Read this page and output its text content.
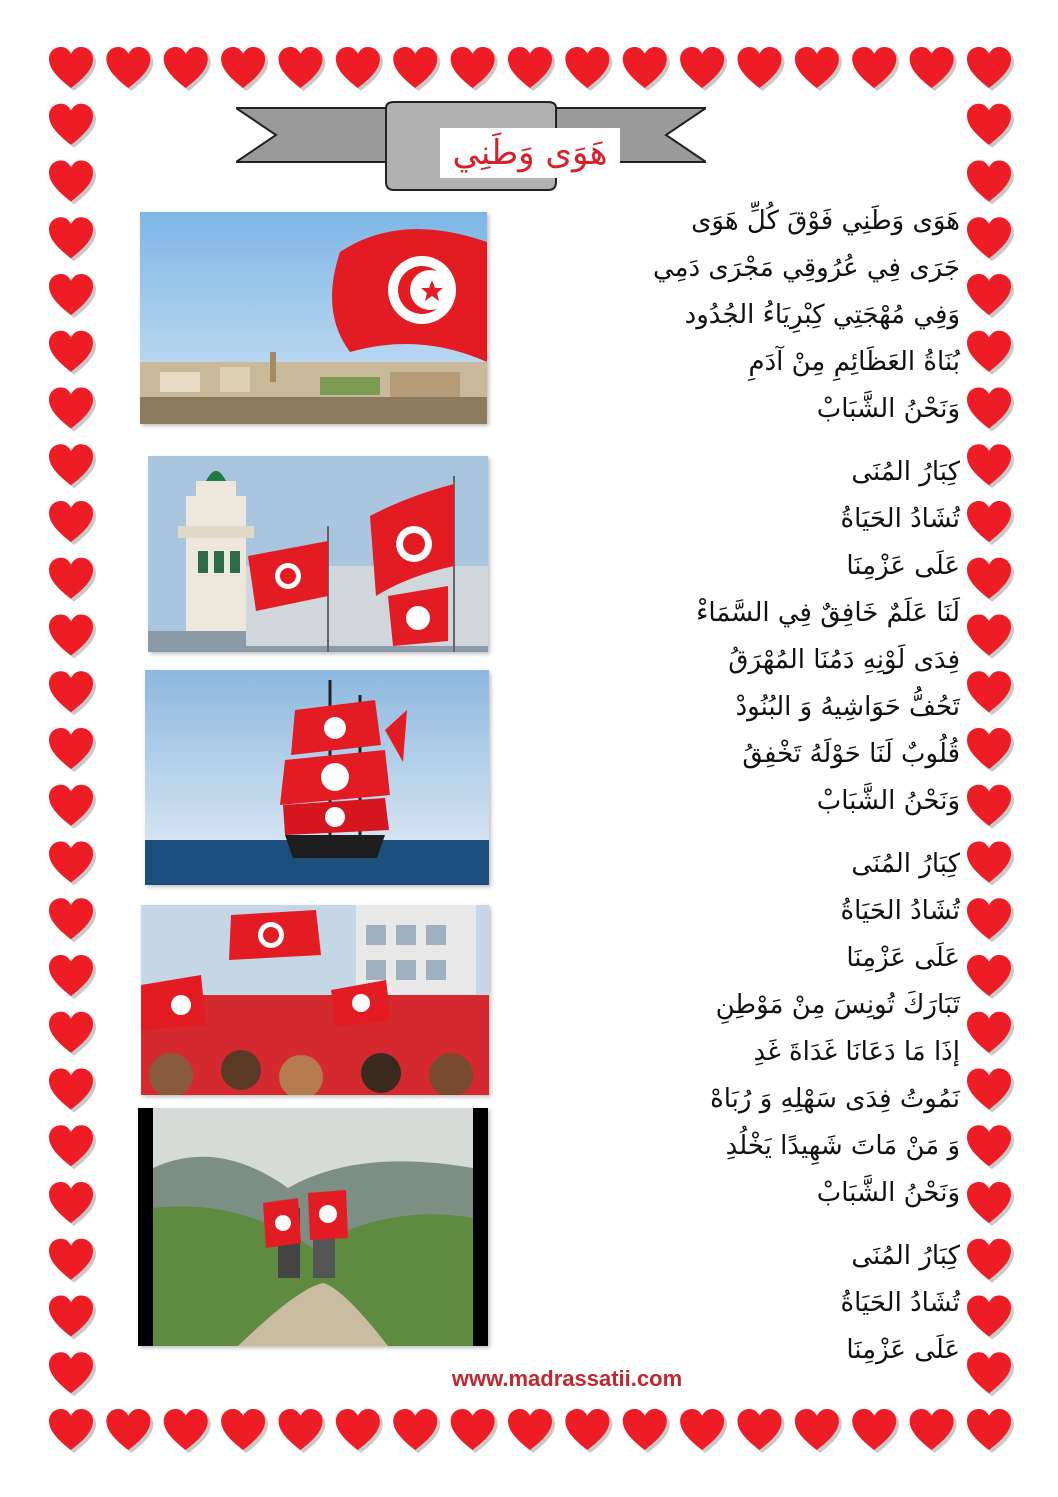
هَوَى وَطَنِي
هَوَى وَطَنِي فَوْقَ كُلِّ هَوَى
جَرَى فِي عُرُوقِي مَجْرَى دَمِي
وَفِي مُهْجَتِي كِبْرِيَاءُ الجُدُود
بُنَاةُ العَظَائِمِ مِنْ آدَمِ
وَنَحْنُ الشَّبَابْ
كِبَارُ المُنَى
تُشَادُ الحَيَاةُ
عَلَى عَزْمِنَا
لَنَا عَلَمٌ خَافِقٌ فِي السَّمَاءْ
فِدَى لَوْنِهِ دَمُنَا المُهْرَقُ
تَحُفُّ حَوَاشِيهُ وَ البُنُودْ
قُلُوبٌ لَنَا حَوْلَهُ تَخْفِقُ
وَنَحْنُ الشَّبَابْ
كِبَارُ المُنَى
تُشَادُ الحَيَاةُ
عَلَى عَزْمِنَا
تَبَارَكَ تُونِسَ مِنْ مَوْطِنِ
إذَا مَا دَعَانَا غَدَاةَ غَدِ
نَمُوتُ فِدَى سَهْلِهِ وَ رُبَاهْ
وَ مَنْ مَاتَ شَهِيدًا يَخْلُدِ
وَنَحْنُ الشَّبَابْ
كِبَارُ المُنَى
تُشَادُ الحَيَاةُ
عَلَى عَزْمِنَا
www.madrassatii.com
